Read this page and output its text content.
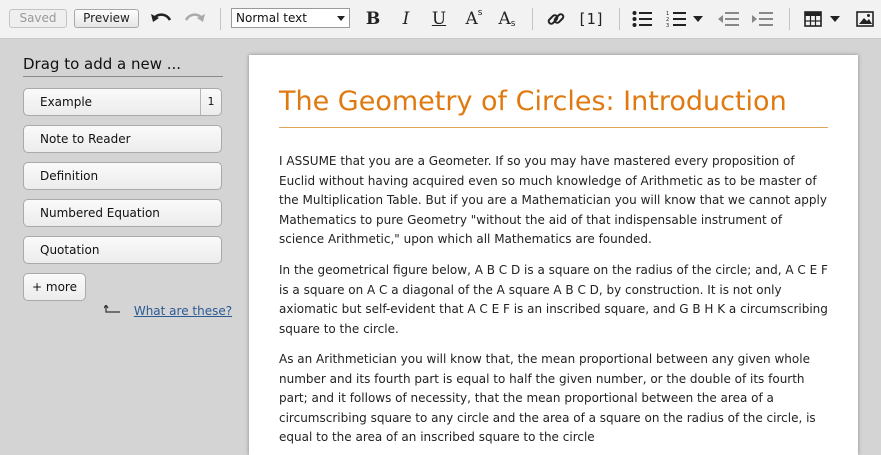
Saved	Preview	Normal text	B	I	U A s A s	[1]	1
2
3
Drag to add a new ...
Example	1
Note to Reader
Definition
Numbered Equation
Quotation
+ more
What are these?
The Geometry of Circles: Introduction

I ASSUME that you are a Geometer. If so you may have mastered every proposition of Euclid without having acquired even so much knowledge of Arithmetic as to be master of the Multiplication Table. But if you are a Mathematician you will know that we cannot apply Mathematics to pure Geometry "without the aid of that indispensable instrument of science Arithmetic," upon which all Mathematics are founded.

In the geometrical figure below, A B C D is a square on the radius of the circle; and, A C E F is a square on A C a diagonal of the A square A B C D, by construction. It is not only axiomatic but self-evident that A C E F is an inscribed square, and G B H K a circumscribing square to the circle.

As an Arithmetician you will know that, the mean proportional between any given whole number and its fourth part is equal to half the given number, or the double of its fourth part; and it follows of necessity, that the mean proportional between the area of a circumscribing square to any circle and the area of a square on the radius of the circle, is equal to the area of an inscribed square to the circle
